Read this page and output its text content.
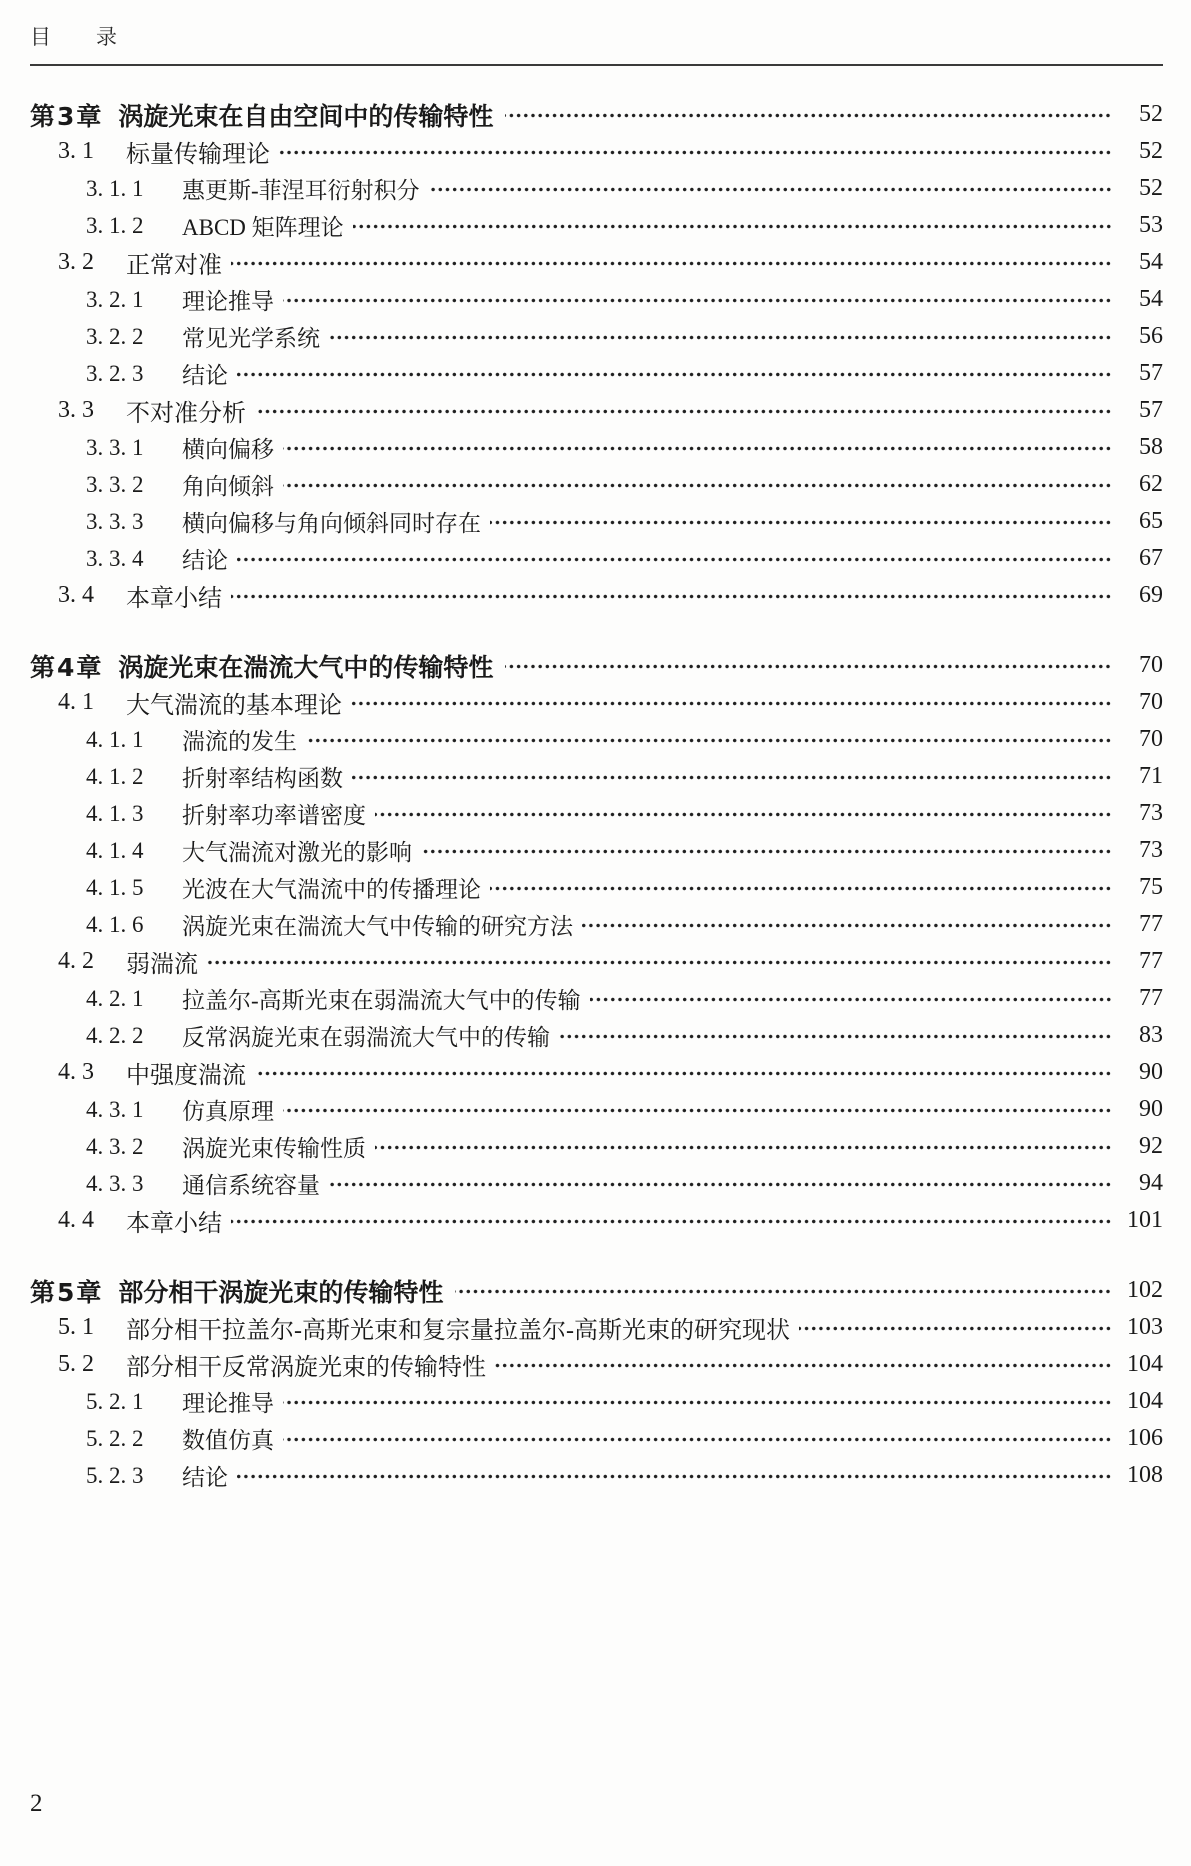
目　　录
第3章 涡旋光束在自由空间中的传输特性	52
3. 1	标量传输理论	52
3. 1. 1	惠更斯-菲涅耳衍射积分	52
3. 1. 2	ABCD 矩阵理论	53
3. 2	正常对准	54
3. 2. 1	理论推导	54
3. 2. 2	常见光学系统	56
3. 2. 3	结论	57
3. 3	不对准分析	57
3. 3. 1	横向偏移	58
3. 3. 2	角向倾斜	62
3. 3. 3	横向偏移与角向倾斜同时存在	65
3. 3. 4	结论	67
3. 4	本章小结	69
第4章 涡旋光束在湍流大气中的传输特性	70
4. 1	大气湍流的基本理论	70
4. 1. 1	湍流的发生	70
4. 1. 2	折射率结构函数	71
4. 1. 3	折射率功率谱密度	73
4. 1. 4	大气湍流对激光的影响	73
4. 1. 5	光波在大气湍流中的传播理论	75
4. 1. 6	涡旋光束在湍流大气中传输的研究方法	77
4. 2	弱湍流	77
4. 2. 1	拉盖尔-高斯光束在弱湍流大气中的传输	77
4. 2. 2	反常涡旋光束在弱湍流大气中的传输	83
4. 3	中强度湍流	90
4. 3. 1	仿真原理	90
4. 3. 2	涡旋光束传输性质	92
4. 3. 3	通信系统容量	94
4. 4	本章小结	101
第5章 部分相干涡旋光束的传输特性	102
5. 1	部分相干拉盖尔-高斯光束和复宗量拉盖尔-高斯光束的研究现状	103
5. 2	部分相干反常涡旋光束的传输特性	104
5. 2. 1	理论推导	104
5. 2. 2	数值仿真	106
5. 2. 3	结论	108
2
